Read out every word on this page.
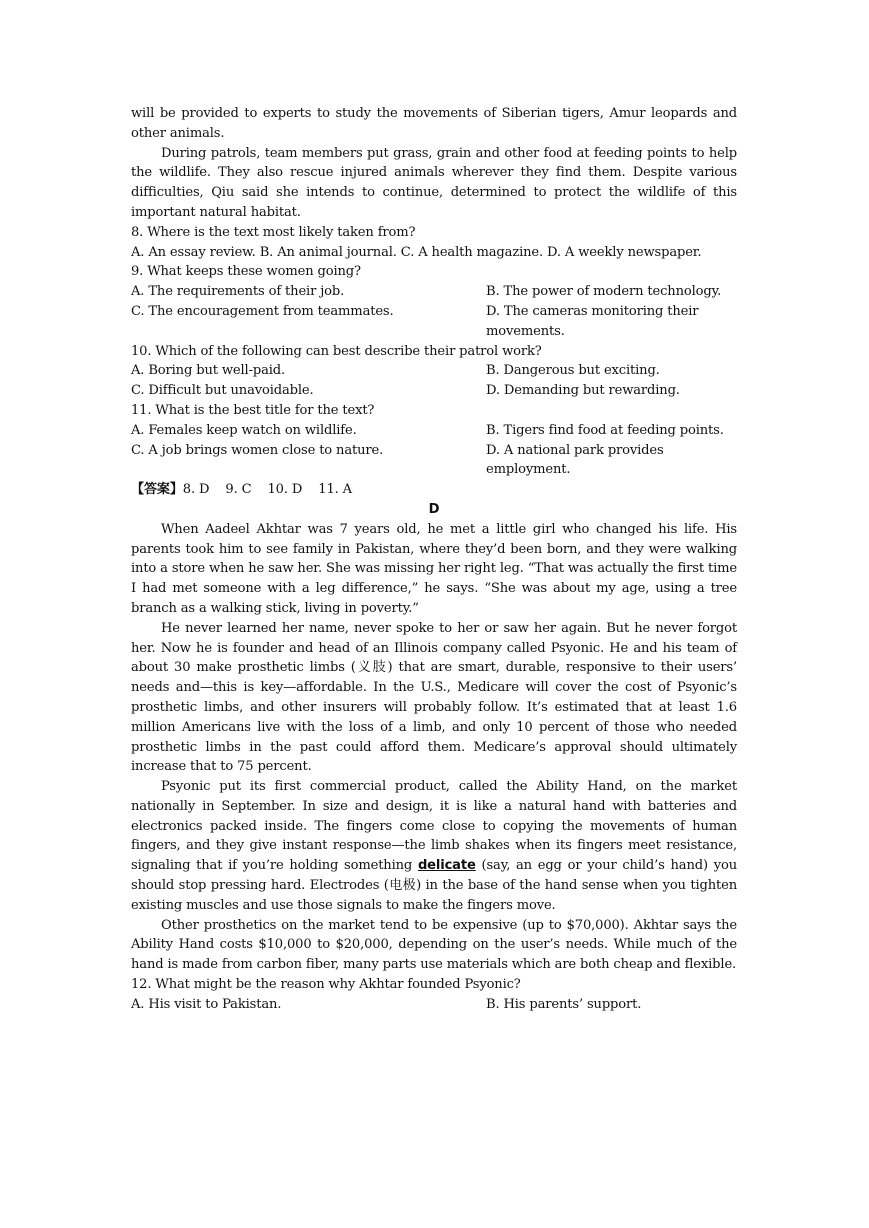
will be provided to experts to study the movements of Siberian tigers, Amur leopards and other animals.

During patrols, team members put grass, grain and other food at feeding points to help the wildlife. They also rescue injured animals wherever they find them. Despite various difficulties, Qiu said she intends to continue, determined to protect the wildlife of this important natural habitat.

8. Where is the text most likely taken from?

A. An essay review. B. An animal journal. C. A health magazine. D. A weekly newspaper.

9. What keeps these women going?
A. The requirements of their job.	B. The power of modern technology.
C. The encouragement from teammates.	D. The cameras monitoring their movements.
10. Which of the following can best describe their patrol work?
A. Boring but well-paid.	B. Dangerous but exciting.
C. Difficult but unavoidable.	D. Demanding but rewarding.
11. What is the best title for the text?
A. Females keep watch on wildlife.	B. Tigers find food at feeding points.
C. A job brings women close to nature.	D. A national park provides employment.
【答案】8. D    9. C    10. D    11. A
D

When Aadeel Akhtar was 7 years old, he met a little girl who changed his life. His parents took him to see family in Pakistan, where they’d been born, and they were walking into a store when he saw her. She was missing her right leg. “That was actually the first time I had met someone with a leg difference,” he says. “She was about my age, using a tree branch as a walking stick, living in poverty.”

He never learned her name, never spoke to her or saw her again. But he never forgot her. Now he is founder and head of an Illinois company called Psyonic. He and his team of about 30 make prosthetic limbs (义肢) that are smart, durable, responsive to their users’ needs and—this is key—affordable. In the U.S., Medicare will cover the cost of Psyonic’s prosthetic limbs, and other insurers will probably follow. It’s estimated that at least 1.6 million Americans live with the loss of a limb, and only 10 percent of those who needed prosthetic limbs in the past could afford them. Medicare’s approval should ultimately increase that to 75 percent.

Psyonic put its first commercial product, called the Ability Hand, on the market nationally in September. In size and design, it is like a natural hand with batteries and electronics packed inside. The fingers come close to copying the movements of human fingers, and they give instant response—the limb shakes when its fingers meet resistance, signaling that if you’re holding something delicate (say, an egg or your child’s hand) you should stop pressing hard. Electrodes (电极) in the base of the hand sense when you tighten existing muscles and use those signals to make the fingers move.

Other prosthetics on the market tend to be expensive (up to $70,000). Akhtar says the Ability Hand costs $10,000 to $20,000, depending on the user’s needs. While much of the hand is made from carbon fiber, many parts use materials which are both cheap and flexible.

12. What might be the reason why Akhtar founded Psyonic?
A. His visit to Pakistan.	B. His parents’ support.
